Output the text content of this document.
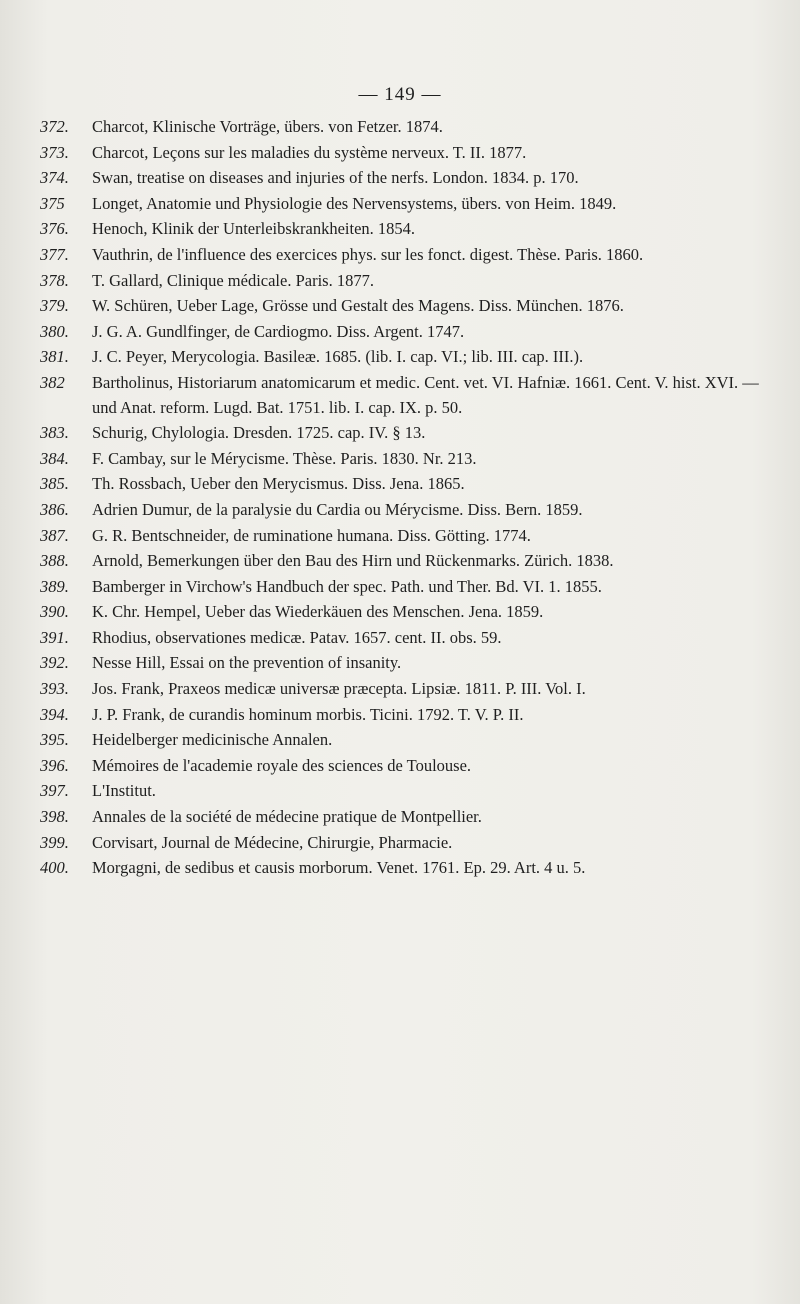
— 149 —
372.	Charcot, Klinische Vorträge, übers. von Fetzer. 1874.
373.	Charcot, Leçons sur les maladies du système nerveux. T. II. 1877.
374.	Swan, treatise on diseases and injuries of the nerfs. London. 1834. p. 170.
375	Longet, Anatomie und Physiologie des Nervensystems, übers. von Heim. 1849.
376.	Henoch, Klinik der Unterleibskrankheiten. 1854.
377.	Vauthrin, de l'influence des exercices phys. sur les fonct. digest. Thèse. Paris. 1860.
378.	T. Gallard, Clinique médicale. Paris. 1877.
379.	W. Schüren, Ueber Lage, Grösse und Gestalt des Magens. Diss. München. 1876.
380.	J. G. A. Gundlfinger, de Cardiogmo. Diss. Argent. 1747.
381.	J. C. Peyer, Merycologia. Basileæ. 1685. (lib. I. cap. VI.; lib. III. cap. III.).
382	Bartholinus, Historiarum anatomicarum et medic. Cent. vet. VI. Hafniæ. 1661. Cent. V. hist. XVI. — und Anat. reform. Lugd. Bat. 1751. lib. I. cap. IX. p. 50.
383.	Schurig, Chylologia. Dresden. 1725. cap. IV. § 13.
384.	F. Cambay, sur le Mérycisme. Thèse. Paris. 1830. Nr. 213.
385.	Th. Rossbach, Ueber den Merycismus. Diss. Jena. 1865.
386.	Adrien Dumur, de la paralysie du Cardia ou Mérycisme. Diss. Bern. 1859.
387.	G. R. Bentschneider, de ruminatione humana. Diss. Götting. 1774.
388.	Arnold, Bemerkungen über den Bau des Hirn und Rückenmarks. Zürich. 1838.
389.	Bamberger in Virchow's Handbuch der spec. Path. und Ther. Bd. VI. 1. 1855.
390.	K. Chr. Hempel, Ueber das Wiederkäuen des Menschen. Jena. 1859.
391.	Rhodius, observationes medicæ. Patav. 1657. cent. II. obs. 59.
392.	Nesse Hill, Essai on the prevention of insanity.
393.	Jos. Frank, Praxeos medicæ universæ præcepta. Lipsiæ. 1811. P. III. Vol. I.
394.	J. P. Frank, de curandis hominum morbis. Ticini. 1792. T. V. P. II.
395.	Heidelberger medicinische Annalen.
396.	Mémoires de l'academie royale des sciences de Toulouse.
397.	L'Institut.
398.	Annales de la société de médecine pratique de Montpellier.
399.	Corvisart, Journal de Médecine, Chirurgie, Pharmacie.
400.	Morgagni, de sedibus et causis morborum. Venet. 1761. Ep. 29. Art. 4 u. 5.
